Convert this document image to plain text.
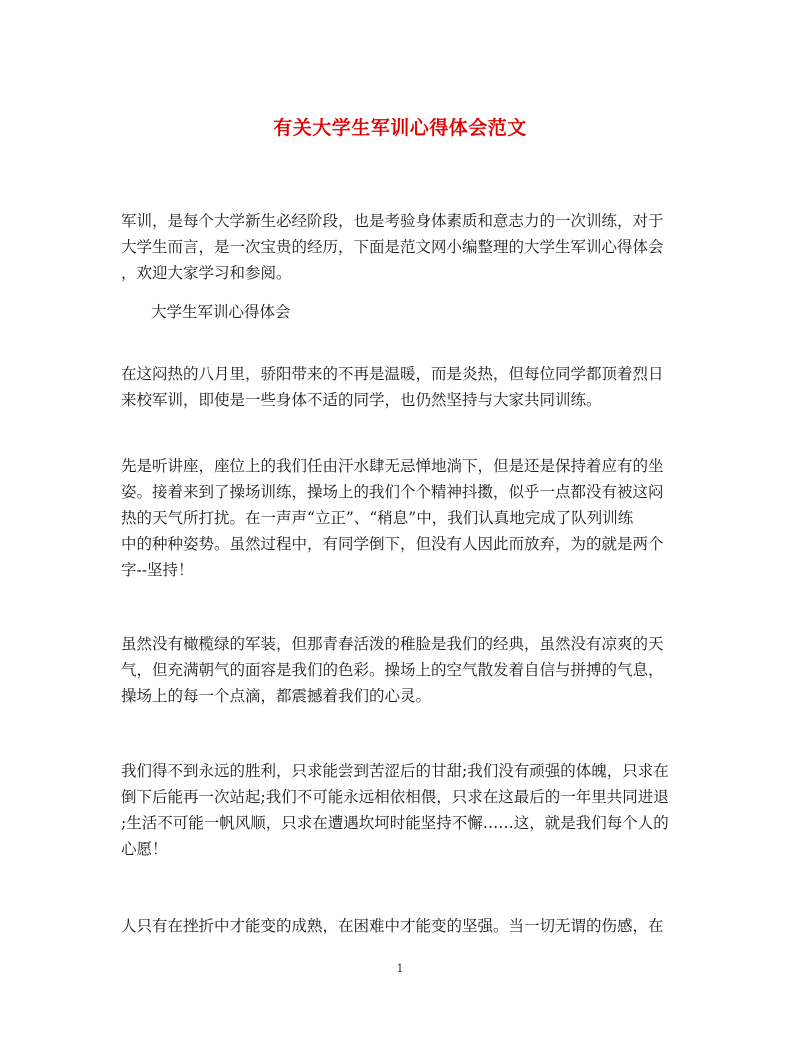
有关大学生军训心得体会范文

军训，是每个大学新生必经阶段，也是考验身体素质和意志力的一次训练，对于
大学生而言，是一次宝贵的经历，下面是范文网小编整理的大学生军训心得体会
，欢迎大家学习和参阅。

大学生军训心得体会

在这闷热的八月里，骄阳带来的不再是温暖，而是炎热，但每位同学都顶着烈日
来校军训，即使是一些身体不适的同学，也仍然坚持与大家共同训练。

先是听讲座，座位上的我们任由汗水肆无忌惮地淌下，但是还是保持着应有的坐
姿。接着来到了操场训练，操场上的我们个个精神抖擞，似乎一点都没有被这闷
热的天气所打扰。在一声声“立正”、“稍息”中，我们认真地完成了队列训练
中的种种姿势。虽然过程中，有同学倒下，但没有人因此而放弃，为的就是两个
字--坚持！

虽然没有橄榄绿的军装，但那青春活泼的稚脸是我们的经典，虽然没有凉爽的天
气，但充满朝气的面容是我们的色彩。操场上的空气散发着自信与拼搏的气息，
操场上的每一个点滴，都震撼着我们的心灵。

我们得不到永远的胜利，只求能尝到苦涩后的甘甜;我们没有顽强的体魄，只求在
倒下后能再一次站起;我们不可能永远相依相偎，只求在这最后的一年里共同进退
;生活不可能一帆风顺，只求在遭遇坎坷时能坚持不懈……这，就是我们每个人的
心愿！

人只有在挫折中才能变的成熟，在困难中才能变的坚强。当一切无谓的伤感，在

1
